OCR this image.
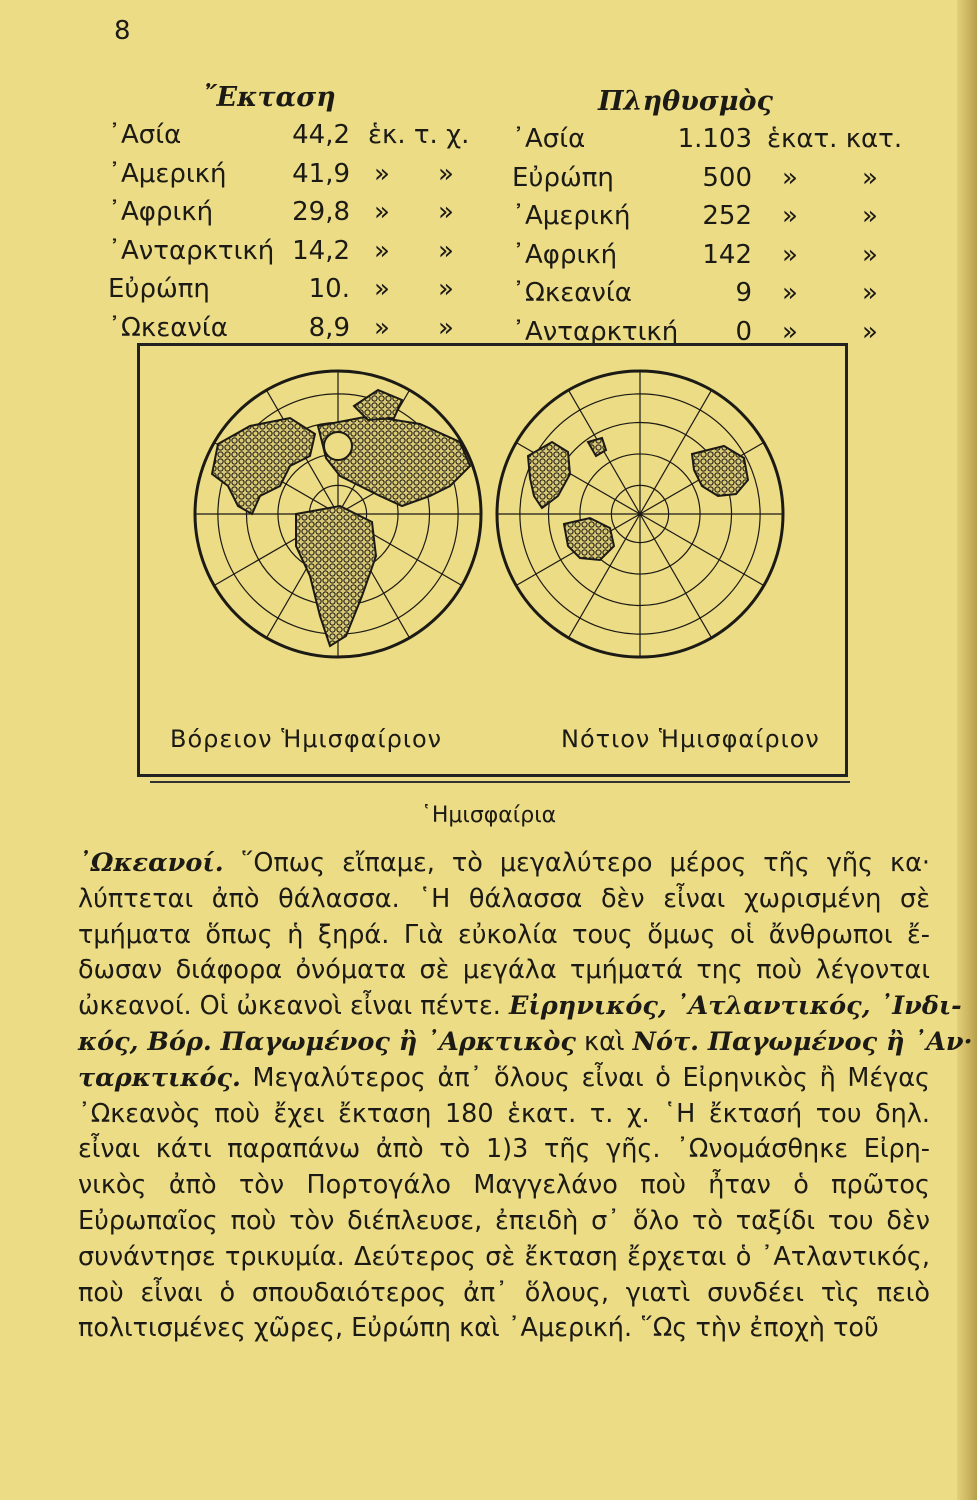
8
῎Εκταση
᾿Ασία	44,2 ἑκ. τ. χ.
᾿Αμερική	41,9 » »
᾿Αφρική	29,8 » »
᾿Ανταρκτική 14,2 » »
Εὐρώπη	10. » »
᾿Ωκεανία	8,9 » »
Πληθυσμὸς
᾿Ασία	1.103 ἑκατ. κατ.
Εὐρώπη	500 » »
᾿Αμερική	252 » »
᾿Αφρική	142 » »
᾿Ωκεανία	9 » »
᾿Ανταρκτική	0 » »
Βόρειον Ἡμισφαίριον	Νότιον Ἡμισφαίριον
῾Ημισφαίρια
᾿Ωκεανοί. ῞Οπως εἴπαμε, τὸ μεγαλύτερο μέρος τῆς γῆς κα·
λύπτεται ἀπὸ θάλασσα. ῾Η θάλασσα δὲν εἶναι χωρισμένη σὲ
τμήματα ὅπως ἡ ξηρά. Γιὰ εὐκολία τους ὅμως οἱ ἄνθρωποι ἔ-
δωσαν διάφορα ὀνόματα σὲ μεγάλα τμήματά της ποὺ λέγονται
ὠκεανοί. Οἱ ὠκεανοὶ εἶναι πέντε. Εἰρηνικός, ᾿Ατλαντικός, ᾿Ινδι-
κός, Βόρ. Παγωμένος ἢ ᾿Αρκτικὸς καὶ Νότ. Παγωμένος ἢ ᾿Αν·
ταρκτικός. Μεγαλύτερος ἀπ᾿ ὅλους εἶναι ὁ Εἰρηνικὸς ἢ Μέγας
᾿Ωκεανὸς ποὺ ἔχει ἔκταση 180 ἑκατ. τ. χ. ῾Η ἔκτασή του δηλ.
εἶναι κάτι παραπάνω ἀπὸ τὸ 1)3 τῆς γῆς. ᾿Ωνομάσθηκε Εἰρη-
νικὸς ἀπὸ τὸν Πορτογάλο Μαγγελάνο ποὺ ἦταν ὁ πρῶτος
Εὐρωπαῖος ποὺ τὸν διέπλευσε, ἐπειδὴ σ᾿ ὅλο τὸ ταξίδι του δὲν
συνάντησε τρικυμία. Δεύτερος σὲ ἔκταση ἔρχεται ὁ ᾿Ατλαντικός,
ποὺ εἶναι ὁ σπουδαιότερος ἀπ᾿ ὅλους, γιατὶ συνδέει τὶς πειὸ
πολιτισμένες χῶρες, Εὐρώπη καὶ ᾿Αμερική. ῞Ως τὴν ἐποχὴ τοῦ
